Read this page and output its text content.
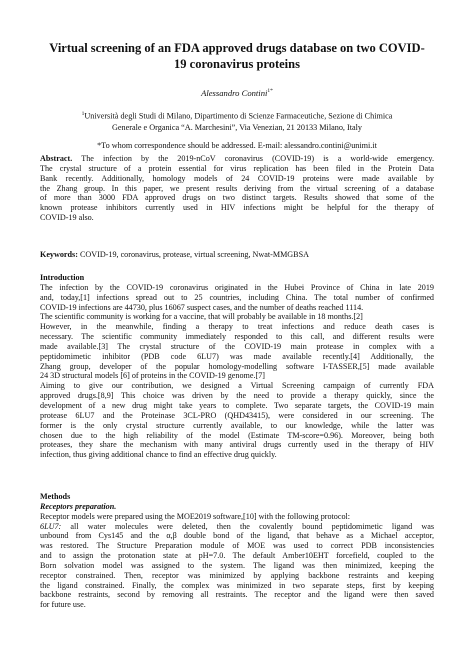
Virtual screening of an FDA approved drugs database on two COVID-
19 coronavirus proteins
Alessandro Contini$^{1*}$
$^1$Università degli Studi di Milano, Dipartimento di Scienze Farmaceutiche, Sezione di Chimica
Generale e Organica “A. Marchesini”, Via Venezian, 21 20133 Milano, Italy
*To whom correspondence should be addressed. E-mail: alessandro.contini@unimi.it
Abstract. The infection by the 2019-nCoV coronavirus (COVID-19) is a world-wide emergency.
The crystal structure of a protein essential for virus replication has been filed in the Protein Data
Bank recently. Additionally, homology models of 24 COVID-19 proteins were made available by
the Zhang group. In this paper, we present results deriving from the virtual screening of a database
of more than 3000 FDA approved drugs on two distinct targets. Results showed that some of the
known protease inhibitors currently used in HIV infections might be helpful for the therapy of
COVID-19 also.
Keywords: COVID-19, coronavirus, protease, virtual screening, Nwat-MMGBSA
Introduction
The infection by the COVID-19 coronavirus originated in the Hubei Province of China in late 2019
and, today,[1] infections spread out to 25 countries, including China. The total number of confirmed
COVID-19 infections are 44730, plus 16067 suspect cases, and the number of deaths reached 1114.
The scientific community is working for a vaccine, that will probably be available in 18 months.[2]
However, in the meanwhile, finding a therapy to treat infections and reduce death cases is
necessary. The scientific community immediately responded to this call, and different results were
made available.[3] The crystal structure of the COVID-19 main protease in complex with a
peptidomimetic inhibitor (PDB code 6LU7) was made available recently.[4] Additionally, the
Zhang group, developer of the popular homology-modelling software I-TASSER,[5] made available
24 3D structural models [6] of proteins in the COVID-19 genome.[7]
Aiming to give our contribution, we designed a Virtual Screening campaign of currently FDA
approved drugs.[8,9] This choice was driven by the need to provide a therapy quickly, since the
development of a new drug might take years to complete. Two separate targets, the COVID-19 main
protease 6LU7 and the Proteinase 3CL-PRO (QHD43415), were considered in our screening. The
former is the only crystal structure currently available, to our knowledge, while the latter was
chosen due to the high reliability of the model (Estimate TM-score=0.96). Moreover, being both
proteases, they share the mechanism with many antiviral drugs currently used in the therapy of HIV
infection, thus giving additional chance to find an effective drug quickly.
Methods
Receptors preparation.
Receptor models were prepared using the MOE2019 software,[10] with the following protocol:
6LU7: all water molecules were deleted, then the covalently bound peptidomimetic ligand was
unbound from Cys145 and the α,β double bond of the ligand, that behave as a Michael acceptor,
was restored. The Structure Preparation module of MOE was used to correct PDB inconsistencies
and to assign the protonation state at pH=7.0. The default Amber10EHT forcefield, coupled to the
Born solvation model was assigned to the system. The ligand was then minimized, keeping the
receptor constrained. Then, receptor was minimized by applying backbone restraints and keeping
the ligand constrained. Finally, the complex was minimized in two separate steps, first by keeping
backbone restraints, second by removing all restraints. The receptor and the ligand were then saved
for future use.
